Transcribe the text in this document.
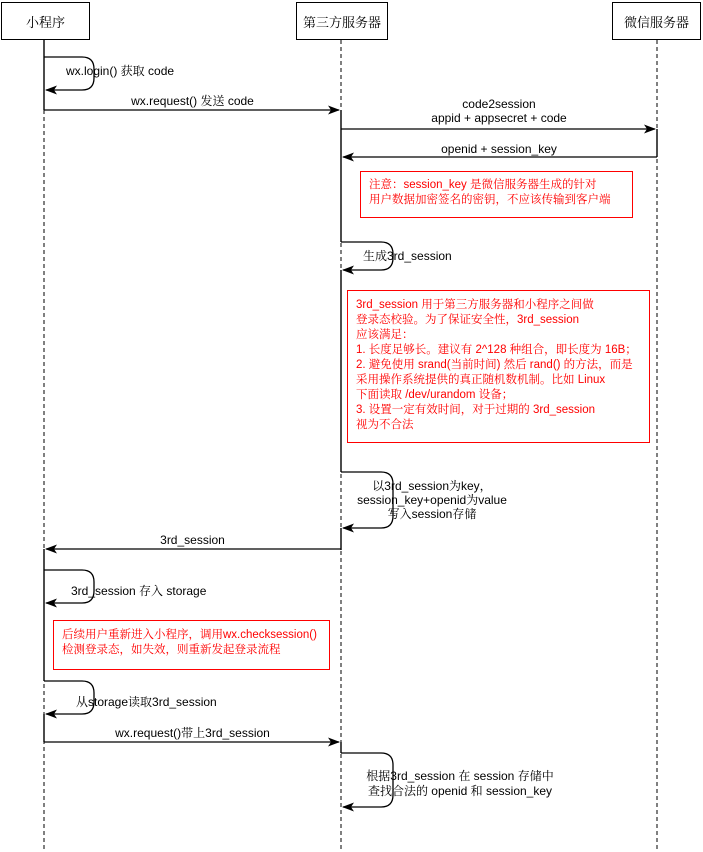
小程序	第三方服务器	微信服务器
wx.login() 获取 code
wx.request() 发送 code	code2session
appid + appsecret + code
openid + session_key
生成3rd_session
以3rd_session为key，
session_key+openid为value
写入session存储
3rd_session
3rd_session 存入 storage
从storage读取3rd_session
wx.request()带上3rd_session
根据3rd_session 在 session 存储中
查找合法的 openid 和 session_key
注意：session_key 是微信服务器生成的针对
用户数据加密签名的密钥，不应该传输到客户端
3rd_session 用于第三方服务器和小程序之间做
登录态校验。为了保证安全性，3rd_session
应该满足：
1. 长度足够长。建议有 2^128 种组合，即长度为 16B；
2. 避免使用 srand(当前时间) 然后 rand() 的方法，而是
采用操作系统提供的真正随机数机制。比如 Linux
下面读取 /dev/urandom 设备；
3. 设置一定有效时间，对于过期的 3rd_session
视为不合法
后续用户重新进入小程序，调用wx.checksession()
检测登录态，如失效，则重新发起登录流程
